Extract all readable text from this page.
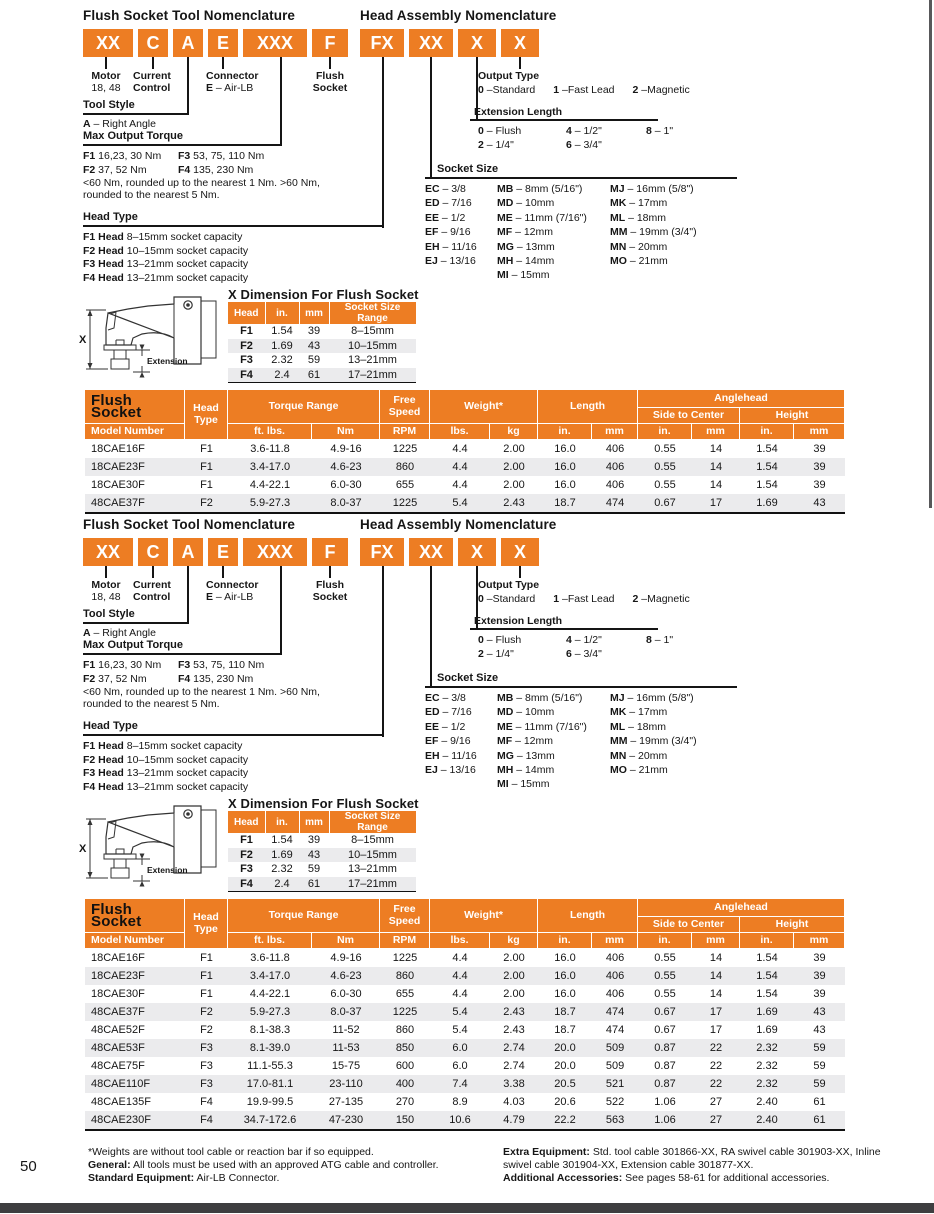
Flush Socket Tool Nomenclature	Head Assembly Nomenclature
XX	C	A	E	XXX	F	FX	XX	X	X
Motor
18, 48
Current
Control
Connector
E – Air-LB
Flush
Socket
Tool Style
A – Right Angle
Max Output Torque
F1 16,23, 30 Nm
F2 37, 52 Nm
F3 53, 75, 110 Nm
F4 135, 230 Nm
<60 Nm, rounded up to the nearest 1 Nm. >60 Nm,
rounded to the nearest 5 Nm.
Head Type
F1 Head 8–15mm socket capacity
F2 Head 10–15mm socket capacity
F3 Head 13–21mm socket capacity
F4 Head 13–21mm socket capacity
Output Type
0 –Standard 1 –Fast Lead 2 –Magnetic
Extension Length
0 – Flush	4 – 1/2"	8 – 1"
2 – 1/4"	6 – 3/4"
Socket Size
EC – 3/8
ED – 7/16
EE – 1/2
EF – 9/16
EH – 11/16
EJ – 13/16
MB – 8mm (5/16")
MD – 10mm
ME – 11mm (7/16")
MF – 12mm
MG – 13mm
MH – 14mm
MI – 15mm
MJ – 16mm (5/8")
MK – 17mm
ML – 18mm
MM – 19mm (3/4")
MN – 20mm
MO – 21mm
X
Extension
X Dimension For Flush Socket
Head	in.	mm	Socket Size Range
F1	1.54	39	8–15mm
F2	1.69	43	10–15mm
F3	2.32	59	13–21mm
F4	2.4	61	17–21mm
Flush Socket	Head Type	Torque Range		Free Speed	Weight*		Length		Anglehead			
									Side to Center		Height	
Model Number		ft. lbs.	Nm	RPM	lbs.	kg	in.	mm	in.	mm	in.	mm
18CAE16F	F1	3.6-11.8	4.9-16	1225	4.4	2.00	16.0	406	0.55	14	1.54	39
18CAE23F	F1	3.4-17.0	4.6-23	860	4.4	2.00	16.0	406	0.55	14	1.54	39
18CAE30F	F1	4.4-22.1	6.0-30	655	4.4	2.00	16.0	406	0.55	14	1.54	39
48CAE37F	F2	5.9-27.3	8.0-37	1225	5.4	2.43	18.7	474	0.67	17	1.69	43
Flush Socket Tool Nomenclature	Head Assembly Nomenclature
XX	C	A	E	XXX	F	FX	XX	X	X
Motor
18, 48
Current
Control
Connector
E – Air-LB
Flush
Socket
Tool Style
A – Right Angle
Max Output Torque
F1 16,23, 30 Nm
F2 37, 52 Nm
F3 53, 75, 110 Nm
F4 135, 230 Nm
<60 Nm, rounded up to the nearest 1 Nm. >60 Nm,
rounded to the nearest 5 Nm.
Head Type
F1 Head 8–15mm socket capacity
F2 Head 10–15mm socket capacity
F3 Head 13–21mm socket capacity
F4 Head 13–21mm socket capacity
Output Type
0 –Standard 1 –Fast Lead 2 –Magnetic
Extension Length
0 – Flush	4 – 1/2"	8 – 1"
2 – 1/4"	6 – 3/4"
Socket Size
EC – 3/8
ED – 7/16
EE – 1/2
EF – 9/16
EH – 11/16
EJ – 13/16
MB – 8mm (5/16")
MD – 10mm
ME – 11mm (7/16")
MF – 12mm
MG – 13mm
MH – 14mm
MI – 15mm
MJ – 16mm (5/8")
MK – 17mm
ML – 18mm
MM – 19mm (3/4")
MN – 20mm
MO – 21mm
X
Extension
X Dimension For Flush Socket
Head	in.	mm	Socket Size Range
F1	1.54	39	8–15mm
F2	1.69	43	10–15mm
F3	2.32	59	13–21mm
F4	2.4	61	17–21mm
Flush Socket	Head Type	Torque Range		Free Speed	Weight*		Length		Anglehead			
									Side to Center		Height	
Model Number		ft. lbs.	Nm	RPM	lbs.	kg	in.	mm	in.	mm	in.	mm
18CAE16F	F1	3.6-11.8	4.9-16	1225	4.4	2.00	16.0	406	0.55	14	1.54	39
18CAE23F	F1	3.4-17.0	4.6-23	860	4.4	2.00	16.0	406	0.55	14	1.54	39
18CAE30F	F1	4.4-22.1	6.0-30	655	4.4	2.00	16.0	406	0.55	14	1.54	39
48CAE37F	F2	5.9-27.3	8.0-37	1225	5.4	2.43	18.7	474	0.67	17	1.69	43
48CAE52F	F2	8.1-38.3	11-52	860	5.4	2.43	18.7	474	0.67	17	1.69	43
48CAE53F	F3	8.1-39.0	11-53	850	6.0	2.74	20.0	509	0.87	22	2.32	59
48CAE75F	F3	11.1-55.3	15-75	600	6.0	2.74	20.0	509	0.87	22	2.32	59
48CAE110F	F3	17.0-81.1	23-110	400	7.4	3.38	20.5	521	0.87	22	2.32	59
48CAE135F	F4	19.9-99.5	27-135	270	8.9	4.03	20.6	522	1.06	27	2.40	61
48CAE230F	F4	34.7-172.6	47-230	150	10.6	4.79	22.2	563	1.06	27	2.40	61
*Weights are without tool cable or reaction bar if so equipped.
General: All tools must be used with an approved ATG cable and controller.
Standard Equipment: Air-LB Connector.
Extra Equipment: Std. tool cable 301866-XX, RA swivel cable 301903-XX, Inline swivel cable 301904-XX, Extension cable 301877-XX.
Additional Accessories: See pages 58-61 for additional accessories.
50
